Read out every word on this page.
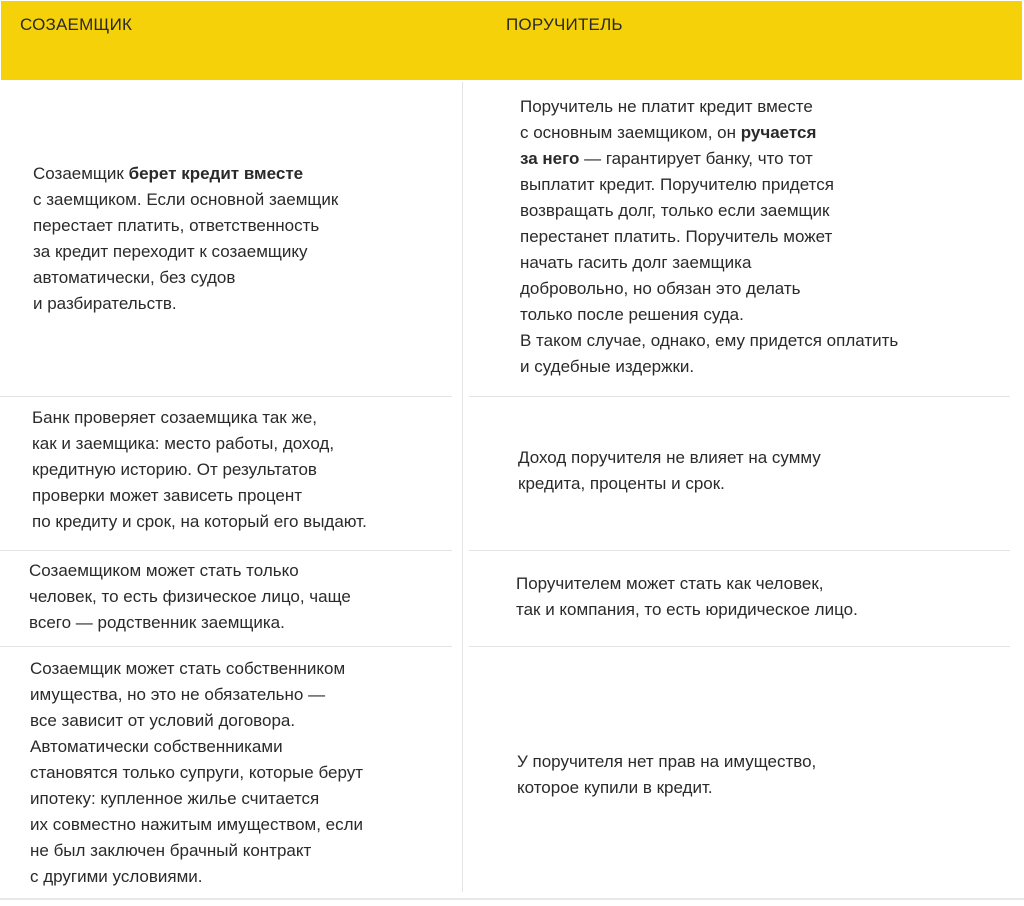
СОЗАЕМЩИК	ПОРУЧИТЕЛЬ
Созаемщик берет кредит вместе
с заемщиком. Если основной заемщик
перестает платить, ответственность
за кредит переходит к созаемщику
автоматически, без судов
и разбирательств.
Поручитель не платит кредит вместе
с основным заемщиком, он ручается
за него — гарантирует банку, что тот
выплатит кредит. Поручителю придется
возвращать долг, только если заемщик
перестанет платить. Поручитель может
начать гасить долг заемщика
добровольно, но обязан это делать
только после решения суда.
В таком случае, однако, ему придется оплатить
и судебные издержки.
Банк проверяет созаемщика так же,
как и заемщика: место работы, доход,
кредитную историю. От результатов
проверки может зависеть процент
по кредиту и срок, на который его выдают.
Доход поручителя не влияет на сумму
кредита, проценты и срок.
Созаемщиком может стать только
человек, то есть физическое лицо, чаще
всего — родственник заемщика.
Поручителем может стать как человек,
так и компания, то есть юридическое лицо.
Созаемщик может стать собственником
имущества, но это не обязательно —
все зависит от условий договора.
Автоматически собственниками
становятся только супруги, которые берут
ипотеку: купленное жилье считается
их совместно нажитым имуществом, если
не был заключен брачный контракт
с другими условиями.
У поручителя нет прав на имущество,
которое купили в кредит.
